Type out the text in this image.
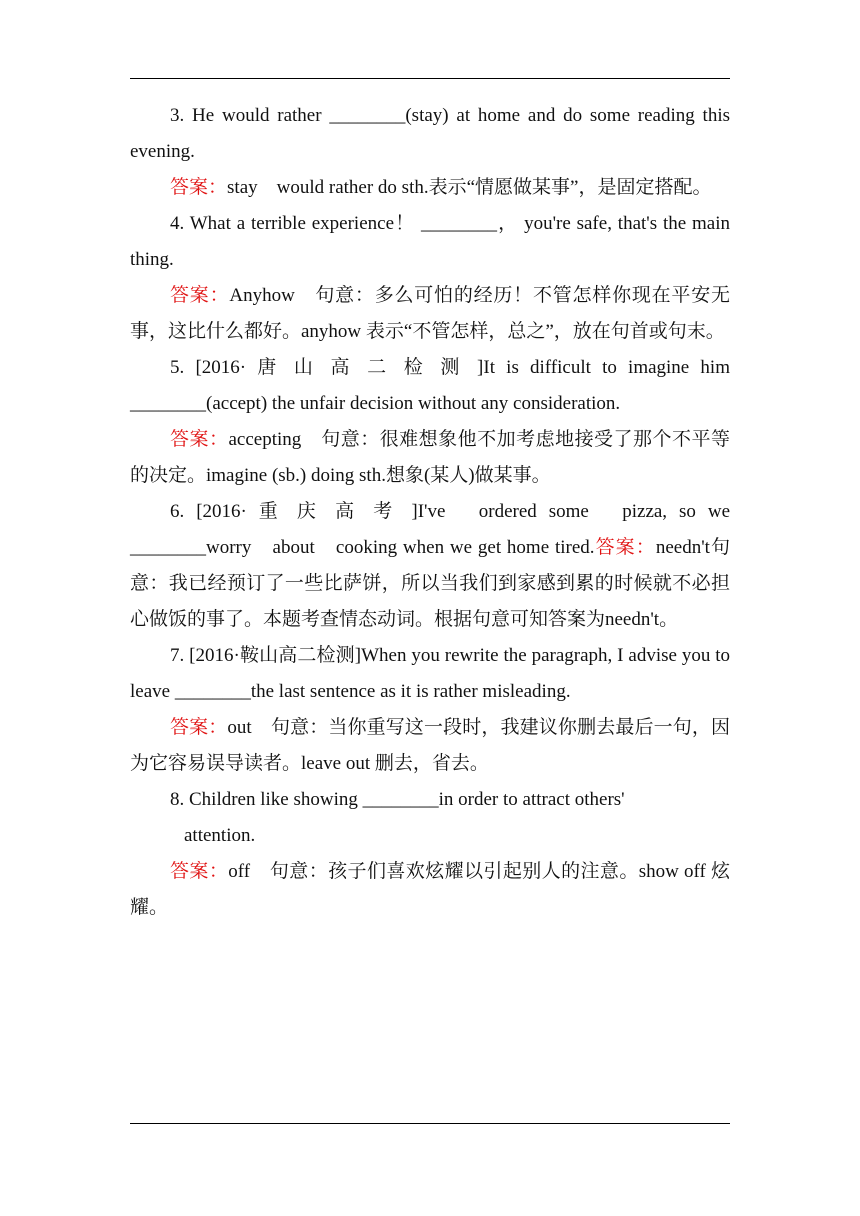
3. He would rather ________(stay) at home and do some reading this evening.

答案：stay　would rather do sth.表示“情愿做某事”，是固定搭配。

4. What a terrible experience！ ________， you're safe, that's the main thing.

答案：Anyhow　句意：多么可怕的经历！不管怎样你现在平安无事，这比什么都好。anyhow 表示“不管怎样，总之”，放在句首或句末。

5. [2016· 唐 山 高 二 检 测 ]It is difficult to imagine him ________(accept) the unfair decision without any consideration.

答案：accepting　句意：很难想象他不加考虑地接受了那个不平等的决定。imagine (sb.) doing sth.想象(某人)做某事。

6. [2016· 重 庆 高 考 ]I've　ordered some　pizza, so we ________worry　about　cooking when we get home tired.答案：needn't句意：我已经预订了一些比萨饼，所以当我们到家感到累的时候就不必担心做饭的事了。本题考查情态动词。根据句意可知答案为needn't。

7. [2016·鞍山高二检测]When you rewrite the paragraph, I advise you to leave ________the last sentence as it is rather misleading.

答案：out　句意：当你重写这一段时，我建议你删去最后一句，因为它容易误导读者。leave out 删去，省去。

8. Children like showing ________in order to attract others'

attention.

答案：off　句意：孩子们喜欢炫耀以引起别人的注意。show off 炫耀。
